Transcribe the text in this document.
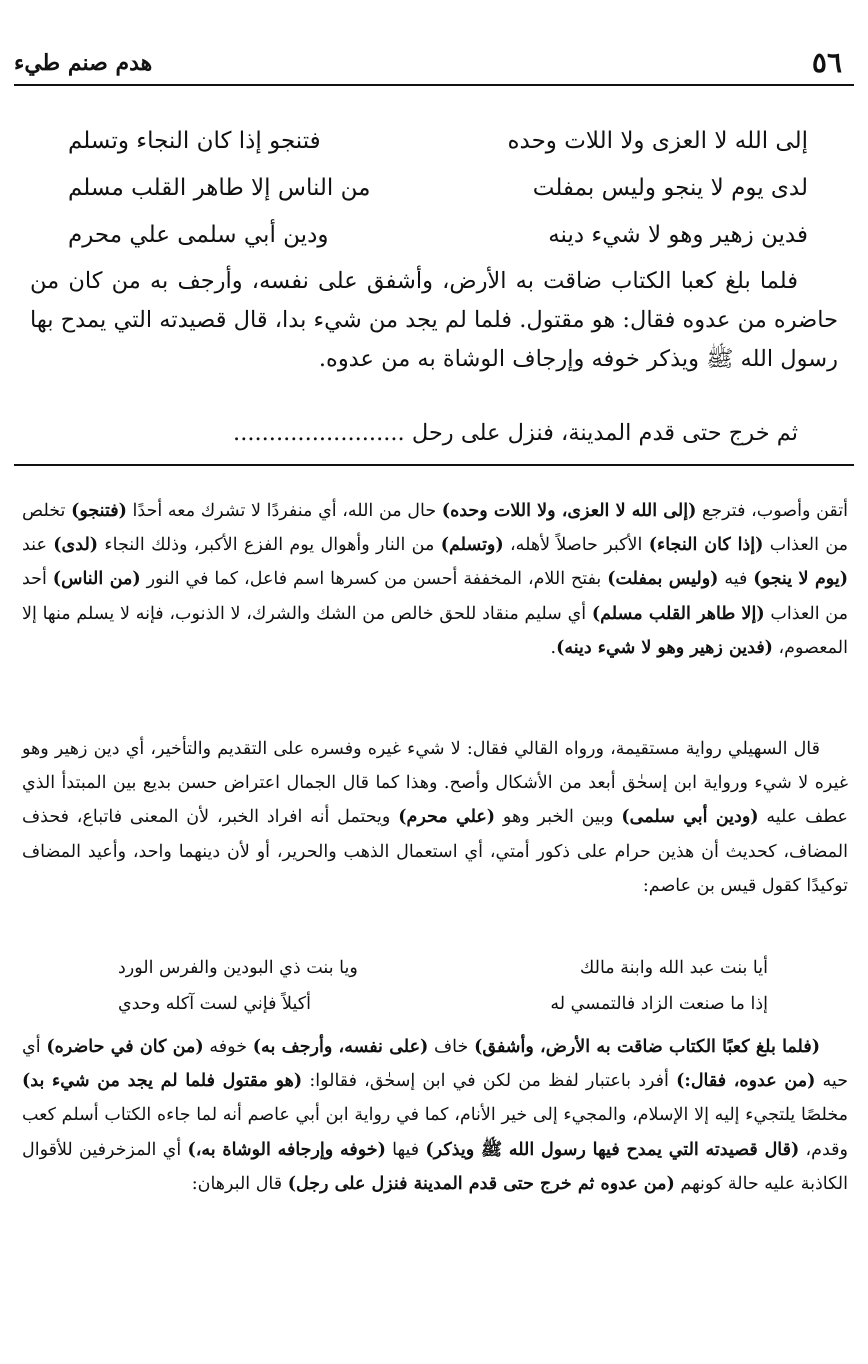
٥٦
هدم صنم طيء
إلى الله لا العزى ولا اللات وحده
فتنجو إذا كان النجاء وتسلم
لدى يوم لا ينجو وليس بمفلت
من الناس إلا طاهر القلب مسلم
فدين زهير وهو لا شيء دينه
ودين أبي سلمى علي محرم
فلما بلغ كعبا الكتاب ضاقت به الأرض، وأشفق على نفسه، وأرجف به من كان من حاضره من عدوه فقال: هو مقتول. فلما لم يجد من شيء بدا، قال قصيدته التي يمدح بها رسول الله ﷺ ويذكر خوفه وإرجاف الوشاة به من عدوه.
ثم خرج حتى قدم المدينة، فنزل على رحل ........................
أتقن وأصوب، فترجع (إلى الله لا العزى، ولا اللات وحده) حال من الله، أي منفردًا لا تشرك معه أحدًا (فتنجو) تخلص من العذاب (إذا كان النجاء) الأكبر حاصلاً لأهله، (وتسلم) من النار وأهوال يوم الفزع الأكبر، وذلك النجاء (لدى) عند (يوم لا ينجو) فيه (وليس بمفلت) بفتح اللام، المخففة أحسن من كسرها اسم فاعل، كما في النور (من الناس) أحد من العذاب (إلا طاهر القلب مسلم) أي سليم منقاد للحق خالص من الشك والشرك، لا الذنوب، فإنه لا يسلم منها إلا المعصوم، (فدين زهير وهو لا شيء دينه).
قال السهيلي رواية مستقيمة، ورواه القالي فقال: لا شيء غيره وفسره على التقديم والتأخير، أي دين زهير وهو غيره لا شيء ورواية ابن إسحٰق أبعد من الأشكال وأصح. وهذا كما قال الجمال اعتراض حسن بديع بين المبتدأ الذي عطف عليه (ودين أبي سلمى) وبين الخبر وهو (علي محرم) ويحتمل أنه افراد الخبر، لأن المعنى فاتباع، فحذف المضاف، كحديث أن هذين حرام على ذكور أمتي، أي استعمال الذهب والحرير، أو لأن دينهما واحد، وأعيد المضاف توكيدًا كقول قيس بن عاصم:
أيا بنت عبد الله وابنة مالك
ويا بنت ذي البودين والفرس الورد
إذا ما صنعت الزاد فالتمسي له
أكيلاً فإني لست آكله وحدي
(فلما بلغ كعبًا الكتاب ضاقت به الأرض، وأشفق) خاف (على نفسه، وأرجف به) خوفه (من كان في حاضره) أي حيه (من عدوه، فقال:) أفرد باعتبار لفظ من لكن في ابن إسحٰق، فقالوا: (هو مقتول فلما لم يجد من شيء بد) مخلصًا يلتجيء إليه إلا الإسلام، والمجيء إلى خير الأنام، كما في رواية ابن أبي عاصم أنه لما جاءه الكتاب أسلم كعب وقدم، (قال قصيدته التي يمدح فيها رسول الله ﷺ ويذكر) فيها (خوفه وإرجافه الوشاة به،) أي المزخرفين للأقوال الكاذبة عليه حالة كونهم (من عدوه ثم خرج حتى قدم المدينة فنزل على رجل) قال البرهان:
